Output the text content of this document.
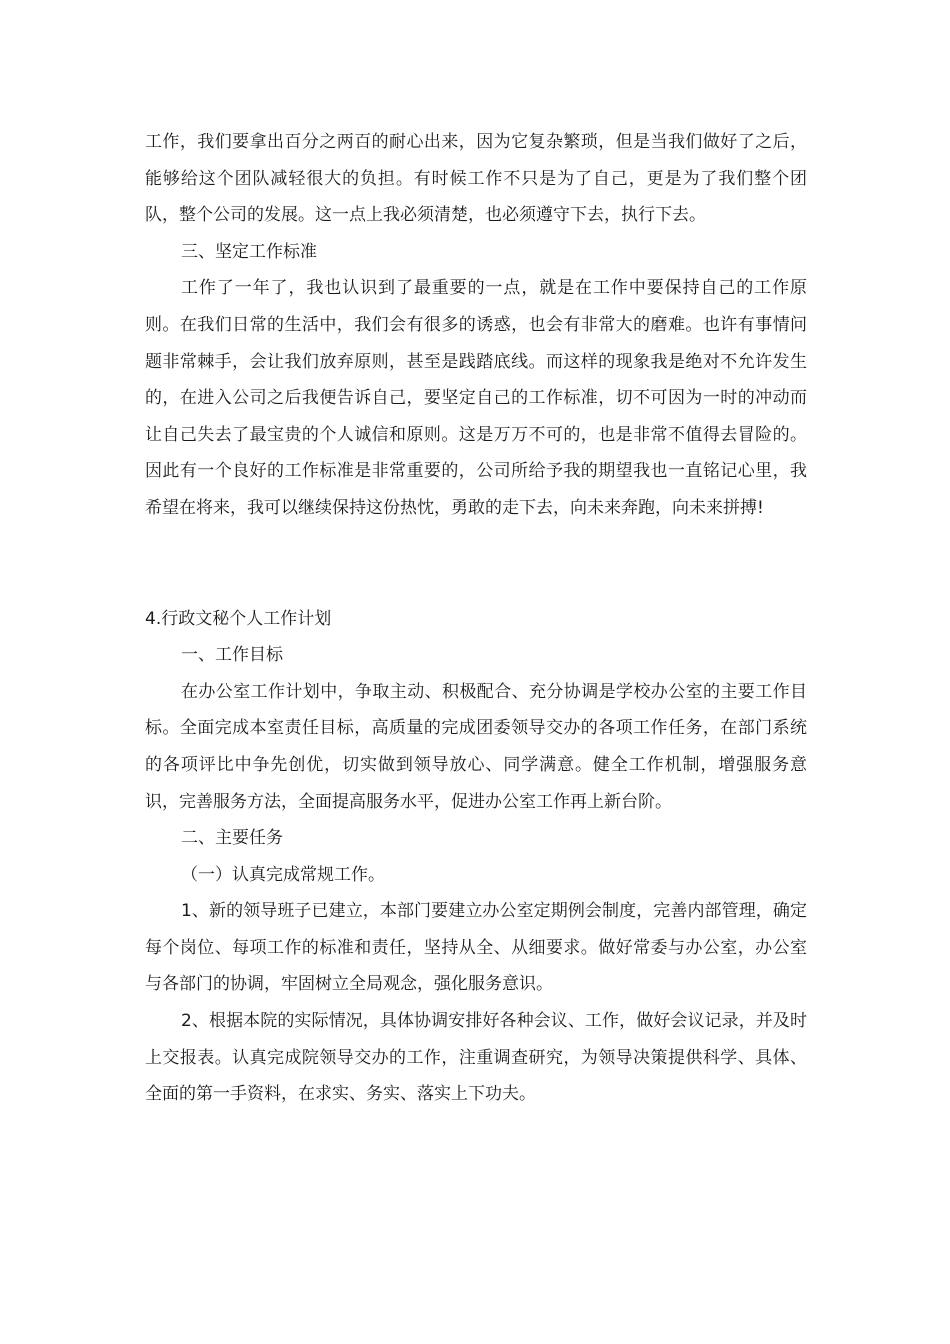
工作，我们要拿出百分之两百的耐心出来，因为它复杂繁琐，但是当我们做好了之后，能够给这个团队减轻很大的负担。有时候工作不只是为了自己，更是为了我们整个团队，整个公司的发展。这一点上我必须清楚，也必须遵守下去，执行下去。

三、坚定工作标准

工作了一年了，我也认识到了最重要的一点，就是在工作中要保持自己的工作原则。在我们日常的生活中，我们会有很多的诱惑，也会有非常大的磨难。也许有事情问题非常棘手，会让我们放弃原则，甚至是践踏底线。而这样的现象我是绝对不允许发生的，在进入公司之后我便告诉自己，要坚定自己的工作标准，切不可因为一时的冲动而让自己失去了最宝贵的个人诚信和原则。这是万万不可的，也是非常不值得去冒险的。因此有一个良好的工作标准是非常重要的，公司所给予我的期望我也一直铭记心里，我希望在将来，我可以继续保持这份热忱，勇敢的走下去，向未来奔跑，向未来拼搏!

4.行政文秘个人工作计划

一、工作目标

在办公室工作计划中，争取主动、积极配合、充分协调是学校办公室的主要工作目标。全面完成本室责任目标，高质量的完成团委领导交办的各项工作任务，在部门系统的各项评比中争先创优，切实做到领导放心、同学满意。健全工作机制，增强服务意识，完善服务方法，全面提高服务水平，促进办公室工作再上新台阶。

二、主要任务

（一）认真完成常规工作。

1、新的领导班子已建立，本部门要建立办公室定期例会制度，完善内部管理，确定每个岗位、每项工作的标准和责任，坚持从全、从细要求。做好常委与办公室，办公室与各部门的协调，牢固树立全局观念，强化服务意识。

2、根据本院的实际情况，具体协调安排好各种会议、工作，做好会议记录，并及时上交报表。认真完成院领导交办的工作，注重调查研究，为领导决策提供科学、具体、全面的第一手资料，在求实、务实、落实上下功夫。
